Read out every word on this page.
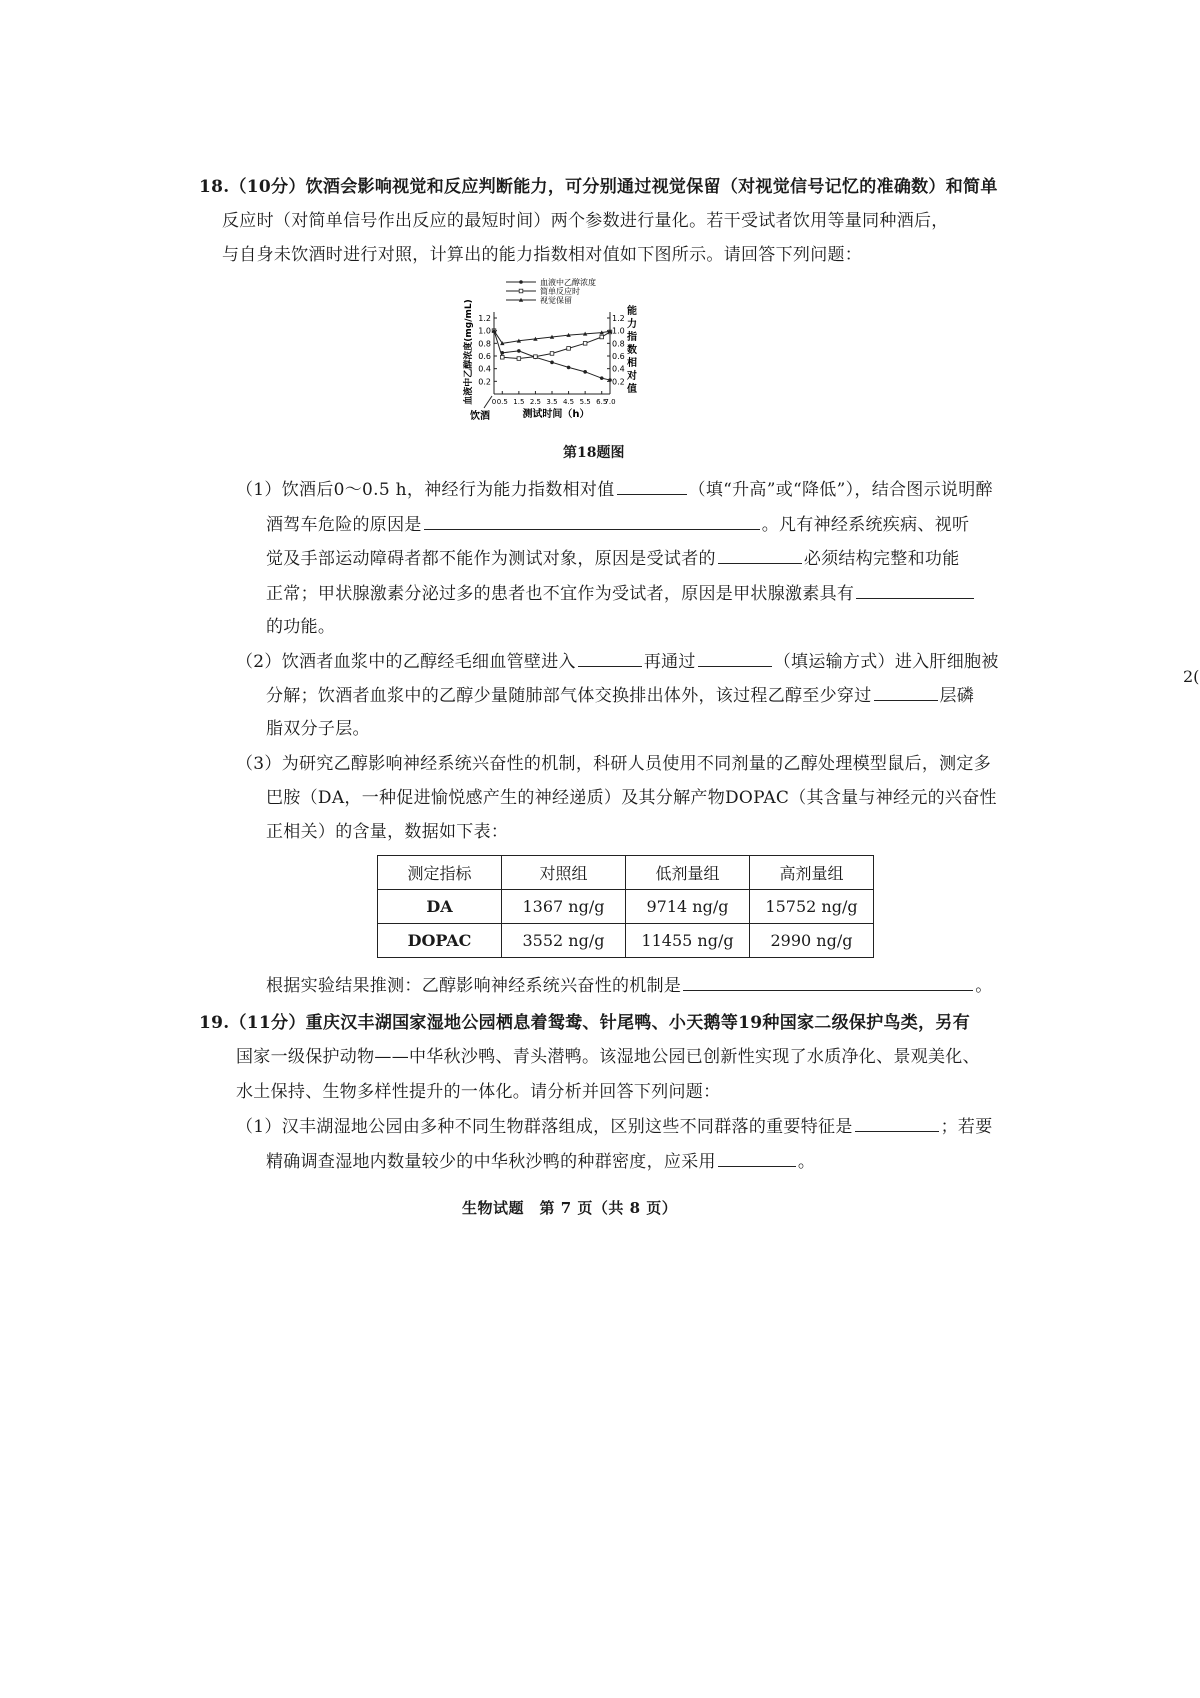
18.（10分）饮酒会影响视觉和反应判断能力，可分别通过视觉保留（对视觉信号记忆的准确数）和简单
反应时（对简单信号作出反应的最短时间）两个参数进行量化。若干受试者饮用等量同种酒后，
与自身未饮酒时进行对照，计算出的能力指数相对值如下图所示。请回答下列问题：
0.2	0.2
0.4	0.4
0.6	0.6
0.8	0.8
1.0	1.0
1.2	1.2
0 0.5 1.5 2.5 3.5 4.5 5.5 6.5
7.0
血液中乙醇浓度(mg/mL)	能
力
指
数
相
对
值
测试时间（h）
饮酒
血液中乙醇浓度
简单反应时
视觉保留
第18题图
（1）饮酒后0～0.5 h，神经行为能力指数相对值	（填“升高”或“降低”），结合图示说明醉
酒驾车危险的原因是	。凡有神经系统疾病、视听
觉及手部运动障碍者都不能作为测试对象，原因是受试者的	必须结构完整和功能
正常；甲状腺激素分泌过多的患者也不宜作为受试者，原因是甲状腺激素具有
的功能。
（2）饮酒者血浆中的乙醇经毛细血管壁进入	再通过	（填运输方式）进入肝细胞被
分解；饮酒者血浆中的乙醇少量随肺部气体交换排出体外，该过程乙醇至少穿过	层磷
脂双分子层。
（3）为研究乙醇影响神经系统兴奋性的机制，科研人员使用不同剂量的乙醇处理模型鼠后，测定多
巴胺（DA，一种促进愉悦感产生的神经递质）及其分解产物DOPAC（其含量与神经元的兴奋性
正相关）的含量，数据如下表：
测定指标	对照组	低剂量组	高剂量组
DA	1367 ng/g	9714 ng/g	15752 ng/g
DOPAC	3552 ng/g	11455 ng/g	2990 ng/g
根据实验结果推测：乙醇影响神经系统兴奋性的机制是	。
19.（11分）重庆汉丰湖国家湿地公园栖息着鸳鸯、针尾鸭、小天鹅等19种国家二级保护鸟类，另有
国家一级保护动物——中华秋沙鸭、青头潜鸭。该湿地公园已创新性实现了水质净化、景观美化、
水土保持、生物多样性提升的一体化。请分析并回答下列问题：
（1）汉丰湖湿地公园由多种不同生物群落组成，区别这些不同群落的重要特征是	；若要
精确调查湿地内数量较少的中华秋沙鸭的种群密度，应采用	。
生物试题　第 7 页（共 8 页）
2(
